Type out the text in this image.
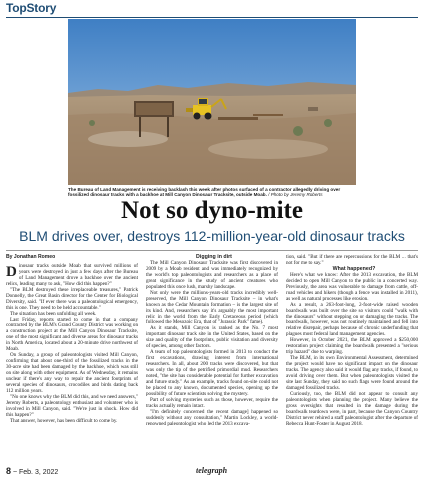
TopStory
The Bureau of Land Management is receiving backlash this week after photos surfaced of a contractor allegedly driving over fossilized dinosaur tracks with a backhoe at Mill Canyon Dinosaur Tracksite, outside Moab. / Photo by Jeremy Roberts
Not so dyno-mite
BLM drives over, destroys 112-million-year-old dinosaur tracks
By Jonathan Romeo

Dinosaur tracks outside Moab that survived millions of years were destroyed in just a few days after the Bureau of Land Management drove a backhoe over the ancient relics, leading many to ask, "How did this happen?"

"The BLM destroyed these irreplaceable treasures," Patrick Donnelly, the Great Basin director for the Center for Biological Diversity, said. "If ever there was a paleontological emergency, this is one. They need to be held accountable."

The situation has been unfolding all week.

Last Friday, reports started to come in that a company contracted by the BLM's Grand County District was working on a construction project at the Mill Canyon Dinosaur Tracksite, one of the most significant and diverse areas for dinosaur tracks in North America, located about a 20-minute drive northwest of Moab.

On Sunday, a group of paleontologists visited Mill Canyon, confirming that about one-third of the fossilized tracks in the 30-acre site had been damaged by the backhoe, which was still on site along with other equipment. As of Wednesday, it remains unclear if there's any way to repair the ancient footprints of several species of dinosaurs, crocodiles and birds dating back 112 million years.

"No one knows why the BLM did this, and we need answers," Jeremy Roberts, a paleontology enthusiast and volunteer who is involved in Mill Canyon, said. "We're just in shock. How did this happen?"

That answer, however, has been difficult to come by.

Digging in dirt

The Mill Canyon Dinosaur Tracksite was first discovered in 2009 by a Moab resident and was immediately recognized by the world's top paleontologists and researchers as a place of great significance in the study of ancient creatures who populated this once lush, marshy landscape.

Not only were the millions-years-old tracks incredibly well-preserved, the Mill Canyon Dinosaur Tracksite – in what's known as the Cedar Mountain formation – is the largest site of its kind. And, researchers say it's arguably the most important relic in the world from the Early Cretaceous period (which followed the Mesozoic Era, that of "Jurassic Park" fame).

As it stands, Mill Canyon is ranked as the No. 7 most important dinosaur track site in the United States, based on the size and quality of the footprints, public visitation and diversity of species, among other factors.

A team of top paleontologists formed in 2013 to conduct the first excavations, drawing interest from international researchers. In all, about 200 tracks were discovered, but that was only the tip of the petrified primordial mud. Researchers noted, "the site has considerable potential for further excavation and future study." As an example, tracks found on-site could not be placed to any known, documented species, opening up the possibility of future scientists solving the mystery.

Part of solving mysteries such as those, however, require the tracks actually remain intact.

"I'm definitely concerned the recent damage] happened so suddenly without any consultation," Martin Lockley, a world-renowned paleontologist who led the 2013 excava-

tion, said. "But if there are repercussions for the BLM ... that's not for me to say."

What happened?

Here's what we know: After the 2013 excavation, the BLM decided to open Mill Canyon to the public in a concerted way. Previously, the area was vulnerable to damage from cattle, off-road vehicles and hikers (though a fence was installed in 2011), as well as natural processes like erosion.

As a result, a 263-foot-long, 2-foot-wide raised wooden boardwalk was built over the site so visitors could "walk with the dinosaurs" without stepping on or damaging the tracks. The boardwalk, however, was not routinely maintained and fell into relative disrepair, perhaps because of chronic underfunding that plagues most federal land management agencies.

However, in October 2021, the BLM approved a $250,000 restoration project claiming the boardwalk presented a "serious trip hazard" due to warping.

The BLM, in its own Environmental Assessment, determined the project would have no significant impact on the dinosaur tracks. The agency also said it would flag any tracks, if found, to avoid driving over them. But when paleontologists visited the site last Sunday, they said no such flags were found around the damaged fossilized tracks.

Curiously, too, the BLM did not appear to consult any paleontologists when planning the project. Many believe the gross oversights that resulted in the damage during the boardwalk teardown were, in part, because the Canyon Country District never rehired a staff paleontologist after the departure of Rebecca Hunt-Foster in August 2018.

8 ~ Feb. 3, 2022	telegraph
